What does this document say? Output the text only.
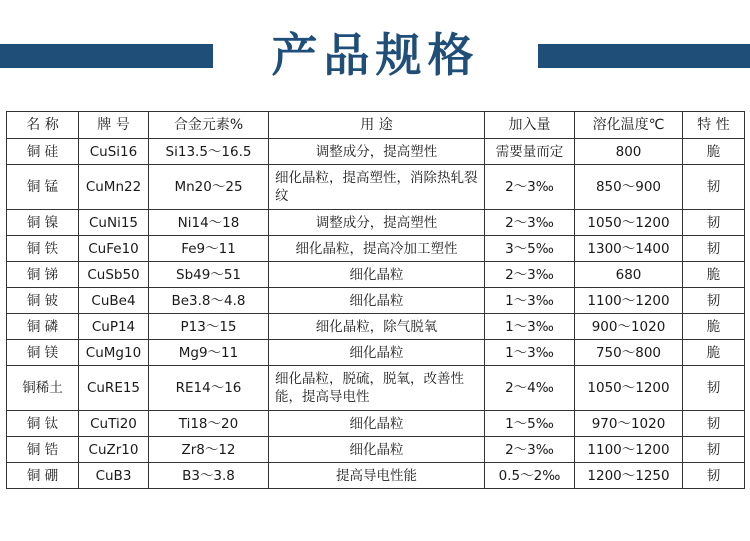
产品规格
名 称	牌 号	合金元素%	用 途	加入量	溶化温度℃	特 性
铜 硅	CuSi16	Si13.5～16.5	调整成分，提高塑性	需要量而定	800	脆
铜 锰	CuMn22	Mn20～25	细化晶粒，提高塑性，消除热轧裂纹	2～3‰	850～900	韧
铜 镍	CuNi15	Ni14～18	调整成分，提高塑性	2～3‰	1050～1200	韧
铜 铁	CuFe10	Fe9～11	细化晶粒，提高冷加工塑性	3～5‰	1300～1400	韧
铜 锑	CuSb50	Sb49～51	细化晶粒	2～3‰	680	脆
铜 铍	CuBe4	Be3.8～4.8	细化晶粒	1～3‰	1100～1200	韧
铜 磷	CuP14	P13～15	细化晶粒，除气脱氧	1～3‰	900～1020	脆
铜 镁	CuMg10	Mg9～11	细化晶粒	1～3‰	750～800	脆
铜稀土	CuRE15	RE14～16	细化晶粒，脱硫，脱氧，改善性能，提高导电性	2～4‰	1050～1200	韧
铜 钛	CuTi20	Ti18～20	细化晶粒	1～5‰	970～1020	韧
铜 锆	CuZr10	Zr8～12	细化晶粒	2～3‰	1100～1200	韧
铜 硼	CuB3	B3～3.8	提高导电性能	0.5～2‰	1200～1250	韧
